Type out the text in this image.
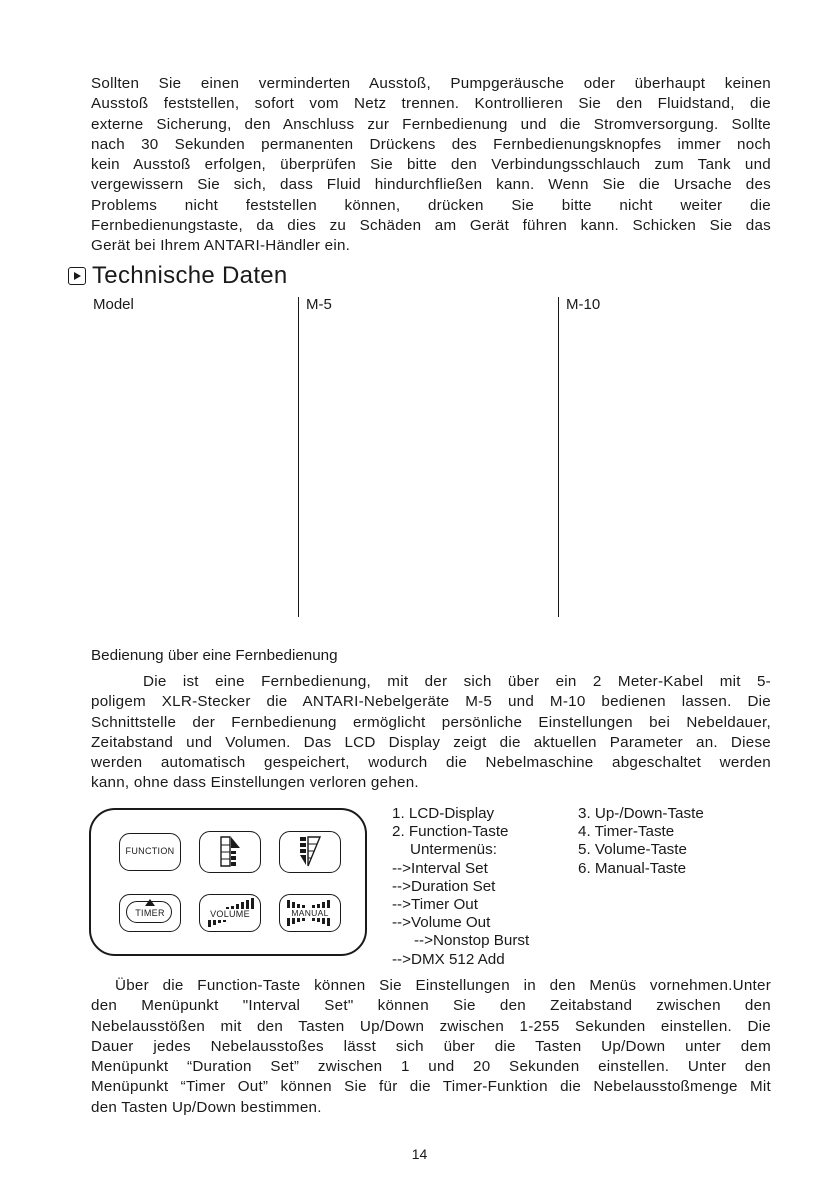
Sollten Sie einen verminderten Ausstoß, Pumpgeräusche oder überhaupt keinen
Ausstoß feststellen, sofort vom Netz trennen. Kontrollieren Sie den Fluidstand, die
externe Sicherung, den Anschluss zur Fernbedienung und die Stromversorgung. Sollte
nach 30 Sekunden permanenten Drückens des Fernbedienungsknopfes immer noch
kein Ausstoß erfolgen, überprüfen Sie bitte den Verbindungsschlauch zum Tank und
vergewissern Sie sich, dass Fluid hindurchfließen kann. Wenn Sie die Ursache des
Problems nicht feststellen können, drücken Sie bitte nicht weiter die
Fernbedienungstaste, da dies zu Schäden am Gerät führen kann. Schicken Sie das
Gerät bei Ihrem ANTARI-Händler ein.
Technische Daten
Model	M-5	M-10
Bedienung über eine Fernbedienung
Die ist eine Fernbedienung, mit der sich über ein 2 Meter-Kabel mit 5-
poligem XLR-Stecker die ANTARI-Nebelgeräte M-5 und M-10 bedienen lassen. Die
Schnittstelle der Fernbedienung ermöglicht persönliche Einstellungen bei Nebeldauer,
Zeitabstand und Volumen. Das LCD Display zeigt die aktuellen Parameter an. Diese
werden automatisch gespeichert, wodurch die Nebelmaschine abgeschaltet werden
kann, ohne dass Einstellungen verloren gehen.
FUNCTION
TIMER	VOLUME	MANUAL
1. LCD-Display
2. Function-Taste
Untermenüs:
-->Interval Set
-->Duration Set
-->Timer Out
-->Volume Out
-->Nonstop Burst
-->DMX 512 Add
3. Up-/Down-Taste
4. Timer-Taste
5. Volume-Taste
6. Manual-Taste
Über die Function-Taste können Sie Einstellungen in den Menüs vornehmen.Unter
den Menüpunkt "Interval Set" können Sie den Zeitabstand zwischen den
Nebelausstößen mit den Tasten Up/Down zwischen 1-255 Sekunden einstellen. Die
Dauer jedes Nebelausstoßes lässt sich über die Tasten Up/Down unter dem
Menüpunkt “Duration Set” zwischen 1 und 20 Sekunden einstellen. Unter den
Menüpunkt “Timer Out” können Sie für die Timer-Funktion die Nebelausstoßmenge Mit
den Tasten Up/Down bestimmen.
14
